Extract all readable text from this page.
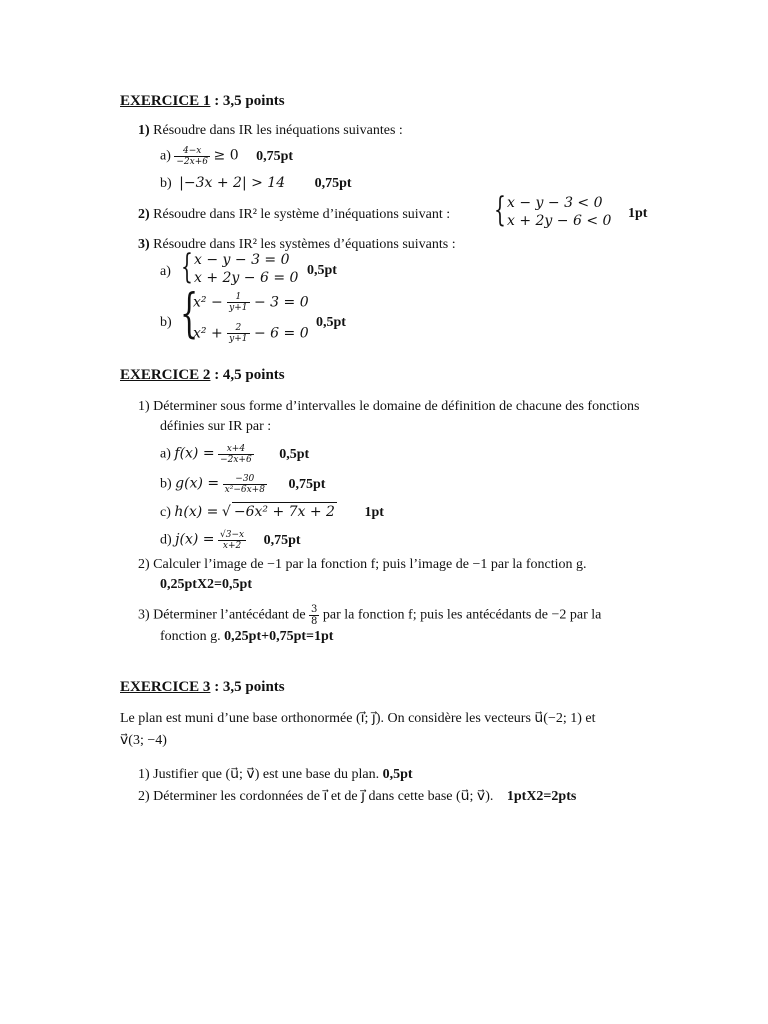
EXERCICE 1 : 3,5 points
1) Résoudre dans IR les inéquations suivantes :
$a) \frac{4-x}{-2x+6} \ge 0$ 0,75pt
b) |−3x + 2| > 14 0,75pt
2) Résoudre dans IR² le système d’inéquations suivant : { x − y − 3 < 0
x + 2y − 6 < 0 1pt
3) Résoudre dans IR² les systèmes d’équations suivants :
a) { x − y − 3 = 0
x + 2y − 6 = 0 0,5pt
b) {
$x^2 - \frac{1}{y+1} - 3 = 0$
$x^2 + \frac{2}{y+1} - 6 = 0$
0,5pt
EXERCICE 2 : 4,5 points
1) Déterminer sous forme d’intervalles le domaine de définition de chacune des fonctions
définies sur IR par :
a) $f(x) = \frac{x+4}{-2x+6} 0,5pt$
b) $g(x) = \frac{-30}{\text{x²−6x+8}} 0,75pt$
c) h(x) = √ −6x² + 7x + 2 1pt
d) $j(x) = \frac{√3-x}{x+2} 0,75pt$
2) Calculer l’image de −1 par la fonction f; puis l’image de −1 par la fonction g.
0,25ptX2=0,5pt
3) Déterminer l’antécédant de $\frac{3}{8}$ par la fonction f; puis les antécédants de −2 par la
fonction g. 0,25pt+0,75pt=1pt
EXERCICE 3 : 3,5 points
Le plan est muni d’une base orthonormée (i⃗; j⃗). On considère les vecteurs u⃗(−2; 1) et
v⃗(3; −4)
1) Justifier que (u⃗; v⃗) est une base du plan. 0,5pt
2) Déterminer les cordonnées de i⃗ et de j⃗ dans cette base (u⃗; v⃗). 1ptX2=2pts
